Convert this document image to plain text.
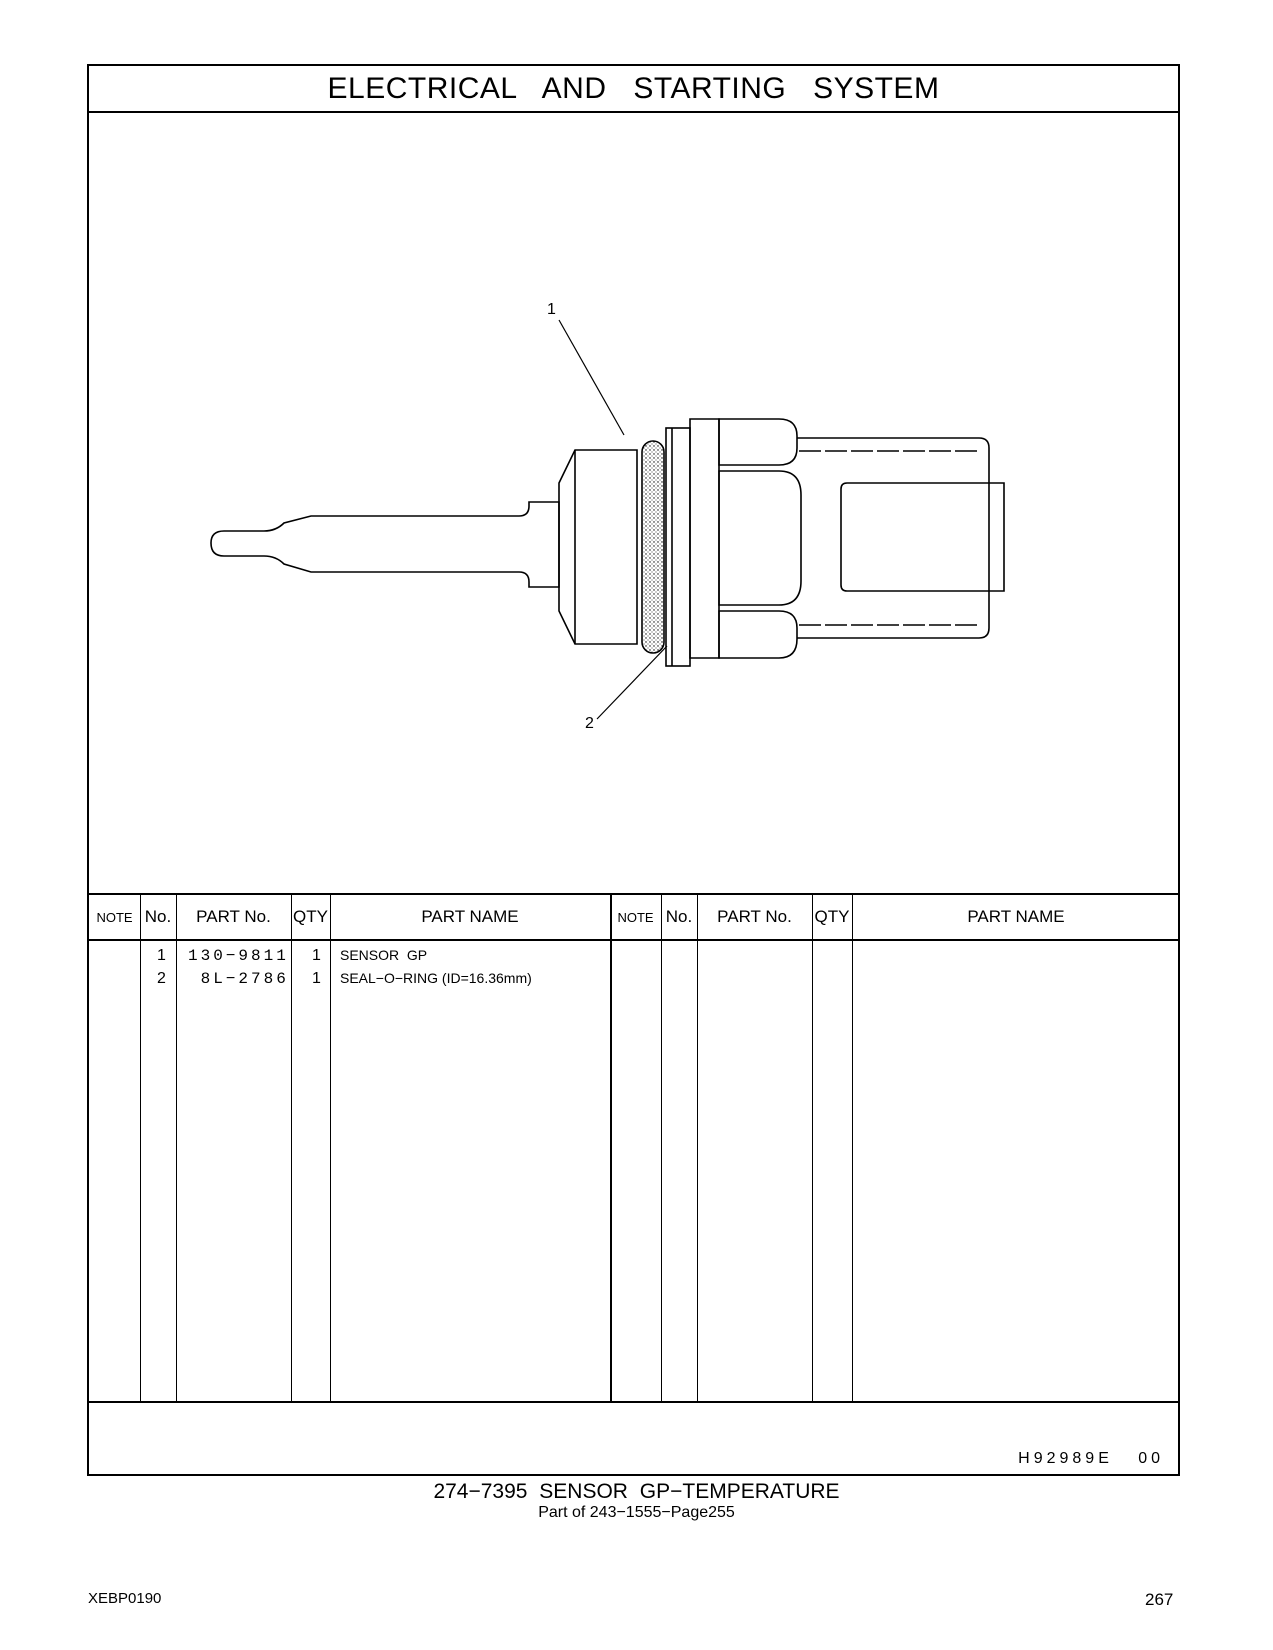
ELECTRICAL AND STARTING SYSTEM
1
2
NOTE No.	PART No.	QTY	PART NAME	NOTE No.	PART No.	QTY	PART NAME
1 130−9811 1 SENSOR  GP
2 8L−2786 1 SEAL−O−RING (ID=16.36mm)
H92989E   00
274−7395 SENSOR GP−TEMPERATURE
Part of 243−1555−Page255
XEBP0190	267
